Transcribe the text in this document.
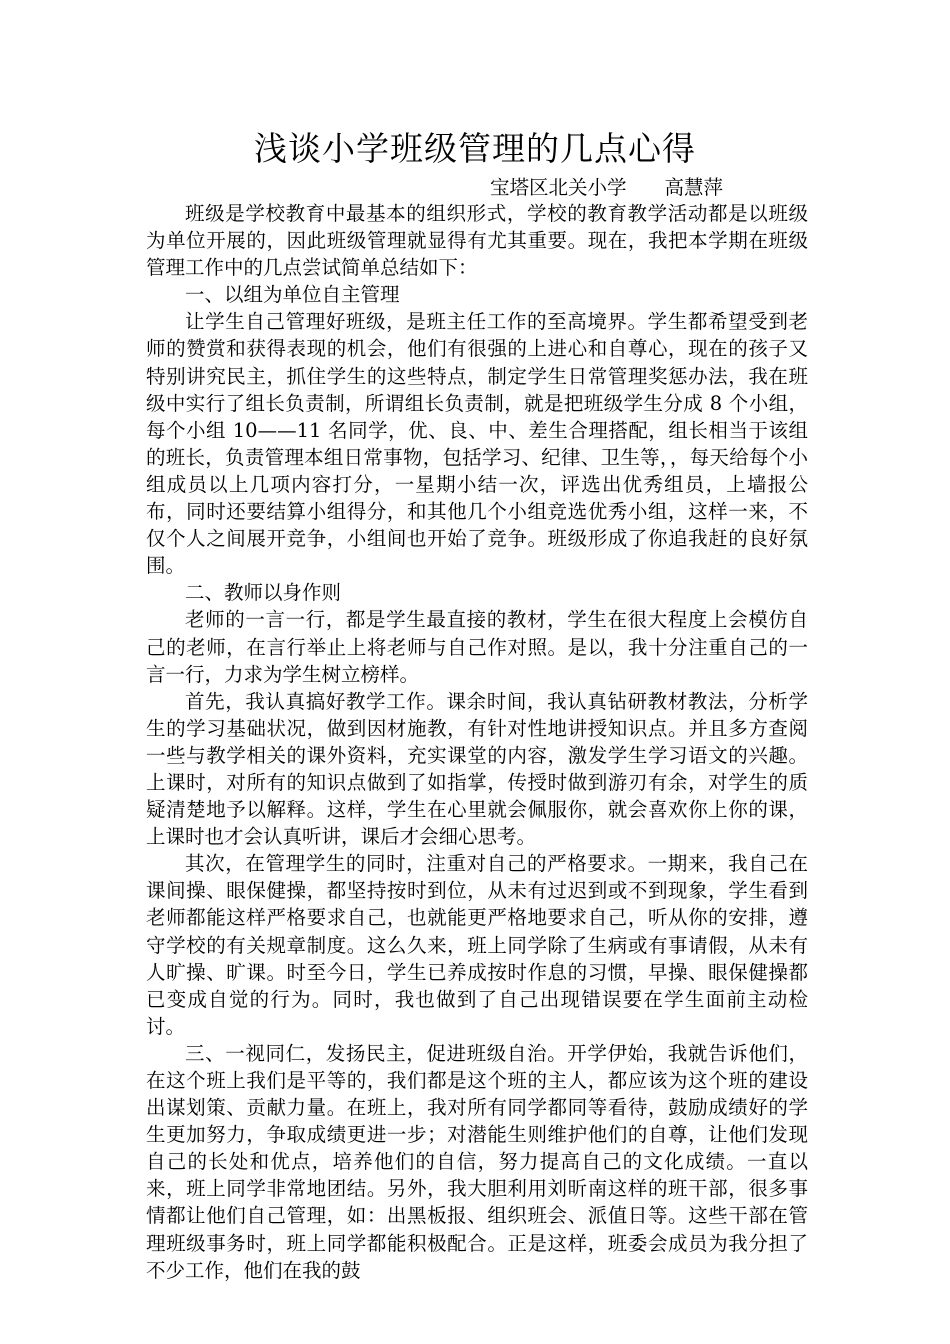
浅谈小学班级管理的几点心得
宝塔区北关小学 高慧萍

班级是学校教育中最基本的组织形式，学校的教育教学活动都是以班级为单位开展的，因此班级管理就显得有尤其重要。现在，我把本学期在班级管理工作中的几点尝试简单总结如下：

一、以组为单位自主管理

让学生自己管理好班级，是班主任工作的至高境界。学生都希望受到老师的赞赏和获得表现的机会，他们有很强的上进心和自尊心，现在的孩子又特别讲究民主，抓住学生的这些特点，制定学生日常管理奖惩办法，我在班级中实行了组长负责制，所谓组长负责制，就是把班级学生分成 8 个小组，每个小组 10——11 名同学，优、良、中、差生合理搭配，组长相当于该组的班长，负责管理本组日常事物，包括学习、纪律、卫生等，，每天给每个小组成员以上几项内容打分，一星期小结一次，评选出优秀组员，上墙报公布，同时还要结算小组得分，和其他几个小组竞选优秀小组，这样一来，不仅个人之间展开竞争，小组间也开始了竞争。班级形成了你追我赶的良好氛围。

二、教师以身作则

老师的一言一行，都是学生最直接的教材，学生在很大程度上会模仿自己的老师，在言行举止上将老师与自己作对照。是以，我十分注重自己的一言一行，力求为学生树立榜样。

首先，我认真搞好教学工作。课余时间，我认真钻研教材教法，分析学生的学习基础状况，做到因材施教，有针对性地讲授知识点。并且多方查阅一些与教学相关的课外资料，充实课堂的内容，激发学生学习语文的兴趣。上课时，对所有的知识点做到了如指掌，传授时做到游刃有余，对学生的质疑清楚地予以解释。这样，学生在心里就会佩服你，就会喜欢你上你的课，上课时也才会认真听讲，课后才会细心思考。

其次，在管理学生的同时，注重对自己的严格要求。一期来，我自己在课间操、眼保健操，都坚持按时到位，从未有过迟到或不到现象，学生看到老师都能这样严格要求自己，也就能更严格地要求自己，听从你的安排，遵守学校的有关规章制度。这么久来，班上同学除了生病或有事请假，从未有人旷操、旷课。时至今日，学生已养成按时作息的习惯，早操、眼保健操都已变成自觉的行为。同时，我也做到了自己出现错误要在学生面前主动检讨。

三、一视同仁，发扬民主，促进班级自治。开学伊始，我就告诉他们，在这个班上我们是平等的，我们都是这个班的主人，都应该为这个班的建设出谋划策、贡献力量。在班上，我对所有同学都同等看待，鼓励成绩好的学生更加努力，争取成绩更进一步；对潜能生则维护他们的自尊，让他们发现自己的长处和优点，培养他们的自信，努力提高自己的文化成绩。一直以来，班上同学非常地团结。另外，我大胆利用刘昕南这样的班干部，很多事情都让他们自己管理，如：出黑板报、组织班会、派值日等。这些干部在管理班级事务时，班上同学都能积极配合。正是这样，班委会成员为我分担了不少工作，他们在我的鼓
